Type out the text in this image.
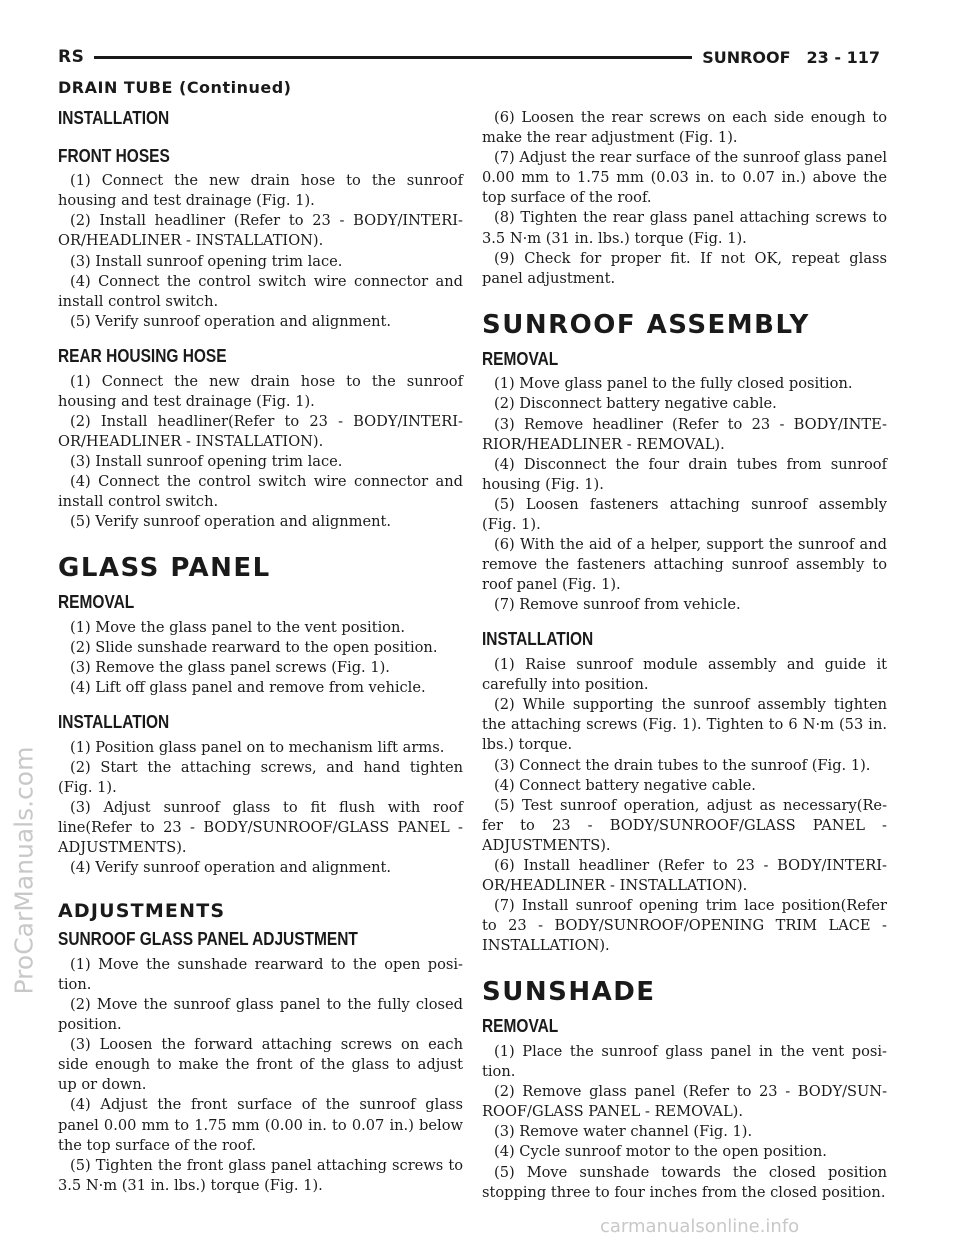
ProCarManuals.com
RS	SUNROOF 23 - 117
DRAIN TUBE (Continued)
INSTALLATION
FRONT HOSES

(1) Connect the new drain hose to the sunroof housing and test drainage (Fig. 1).

(2) Install headliner (Refer to 23 - BODY/INTERI-OR/HEADLINER - INSTALLATION).

(3) Install sunroof opening trim lace.

(4) Connect the control switch wire connector and install control switch.

(5) Verify sunroof operation and alignment.

REAR HOUSING HOSE

(1) Connect the new drain hose to the sunroof housing and test drainage (Fig. 1).

(2) Install headliner(Refer to 23 - BODY/INTERI-OR/HEADLINER - INSTALLATION).

(3) Install sunroof opening trim lace.

(4) Connect the control switch wire connector and install control switch.

(5) Verify sunroof operation and alignment.

GLASS PANEL
REMOVAL

(1) Move the glass panel to the vent position.

(2) Slide sunshade rearward to the open position.

(3) Remove the glass panel screws (Fig. 1).

(4) Lift off glass panel and remove from vehicle.

INSTALLATION

(1) Position glass panel on to mechanism lift arms.

(2) Start the attaching screws, and hand tighten (Fig. 1).

(3) Adjust sunroof glass to fit flush with roof line(Refer to 23 - BODY/SUNROOF/GLASS PANEL - ADJUSTMENTS).

(4) Verify sunroof operation and alignment.

ADJUSTMENTS
SUNROOF GLASS PANEL ADJUSTMENT

(1) Move the sunshade rearward to the open posi-tion.

(2) Move the sunroof glass panel to the fully closed position.

(3) Loosen the forward attaching screws on each side enough to make the front of the glass to adjust up or down.

(4) Adjust the front surface of the sunroof glass panel 0.00 mm to 1.75 mm (0.00 in. to 0.07 in.) below the top surface of the roof.

(5) Tighten the front glass panel attaching screws to 3.5 N·m (31 in. lbs.) torque (Fig. 1).

(6) Loosen the rear screws on each side enough to make the rear adjustment (Fig. 1).

(7) Adjust the rear surface of the sunroof glass panel 0.00 mm to 1.75 mm (0.03 in. to 0.07 in.) above the top surface of the roof.

(8) Tighten the rear glass panel attaching screws to 3.5 N·m (31 in. lbs.) torque (Fig. 1).

(9) Check for proper fit. If not OK, repeat glass panel adjustment.

SUNROOF ASSEMBLY
REMOVAL

(1) Move glass panel to the fully closed position.

(2) Disconnect battery negative cable.

(3) Remove headliner (Refer to 23 - BODY/INTE-RIOR/HEADLINER - REMOVAL).

(4) Disconnect the four drain tubes from sunroof housing (Fig. 1).

(5) Loosen fasteners attaching sunroof assembly (Fig. 1).

(6) With the aid of a helper, support the sunroof and remove the fasteners attaching sunroof assembly to roof panel (Fig. 1).

(7) Remove sunroof from vehicle.

INSTALLATION

(1) Raise sunroof module assembly and guide it carefully into position.

(2) While supporting the sunroof assembly tighten the attaching screws (Fig. 1). Tighten to 6 N·m (53 in. lbs.) torque.

(3) Connect the drain tubes to the sunroof (Fig. 1).

(4) Connect battery negative cable.

(5) Test sunroof operation, adjust as necessary(Re-fer to 23 - BODY/SUNROOF/GLASS PANEL - ADJUSTMENTS).

(6) Install headliner (Refer to 23 - BODY/INTERI-OR/HEADLINER - INSTALLATION).

(7) Install sunroof opening trim lace position(Refer to 23 - BODY/SUNROOF/OPENING TRIM LACE - INSTALLATION).

SUNSHADE
REMOVAL

(1) Place the sunroof glass panel in the vent posi-tion.

(2) Remove glass panel (Refer to 23 - BODY/SUN-ROOF/GLASS PANEL - REMOVAL).

(3) Remove water channel (Fig. 1).

(4) Cycle sunroof motor to the open position.

(5) Move sunshade towards the closed position stopping three to four inches from the closed position.

carmanualsonline.info
